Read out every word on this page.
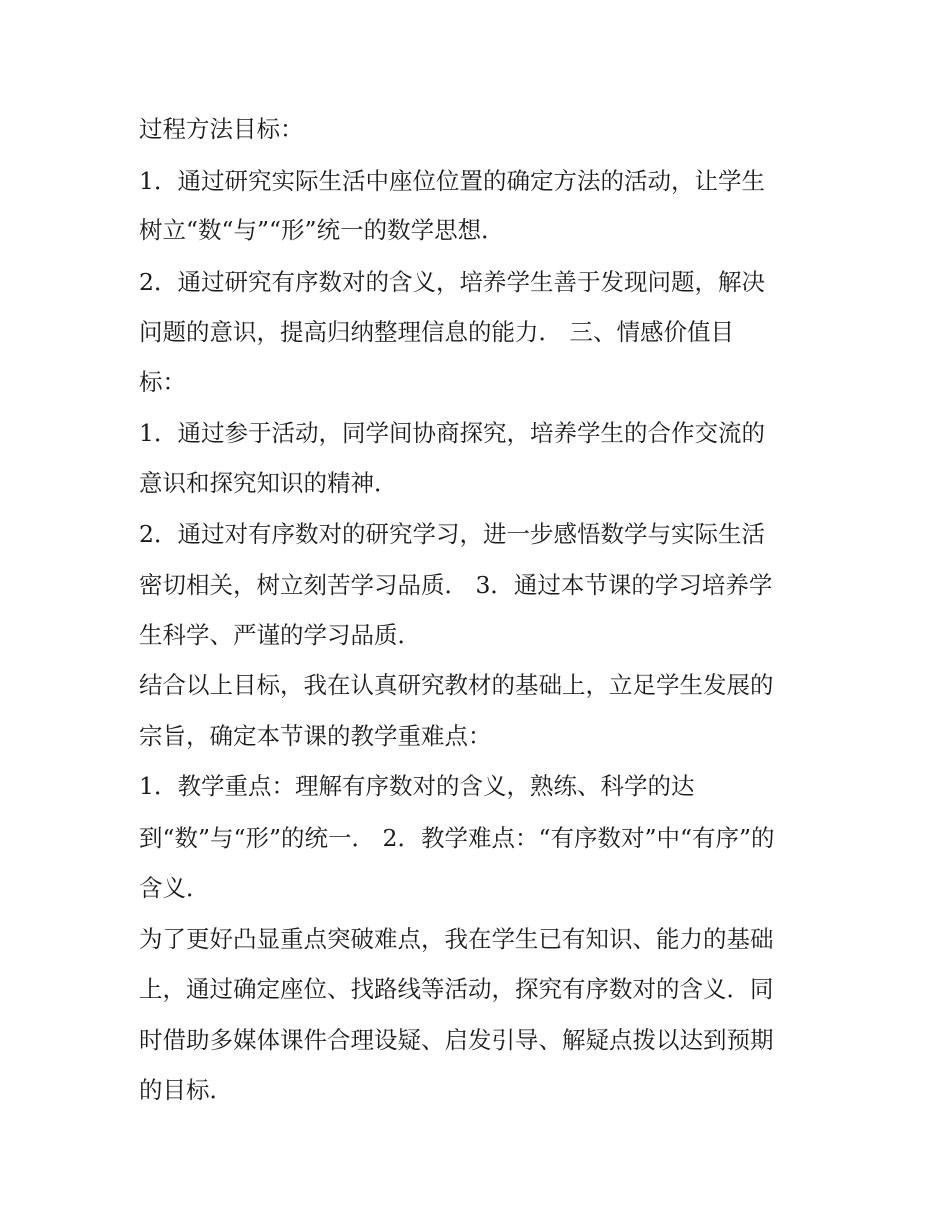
过程方法目标：

1．通过研究实际生活中座位位置的确定方法的活动，让学生

树立“数“与”“形”统一的数学思想．

2．通过研究有序数对的含义，培养学生善于发现问题，解决

问题的意识，提高归纳整理信息的能力． 三、情感价值目

标：

1．通过参于活动，同学间协商探究，培养学生的合作交流的

意识和探究知识的精神．

2．通过对有序数对的研究学习，进一步感悟数学与实际生活

密切相关，树立刻苦学习品质． 3．通过本节课的学习培养学

生科学、严谨的学习品质．

结合以上目标，我在认真研究教材的基础上，立足学生发展的

宗旨，确定本节课的教学重难点：

1．教学重点：理解有序数对的含义，熟练、科学的达

到“数”与“形”的统一． 2．教学难点：“有序数对”中“有序”的

含义．

为了更好凸显重点突破难点，我在学生已有知识、能力的基础

上，通过确定座位、找路线等活动，探究有序数对的含义．同

时借助多媒体课件合理设疑、启发引导、解疑点拨以达到预期

的目标．
